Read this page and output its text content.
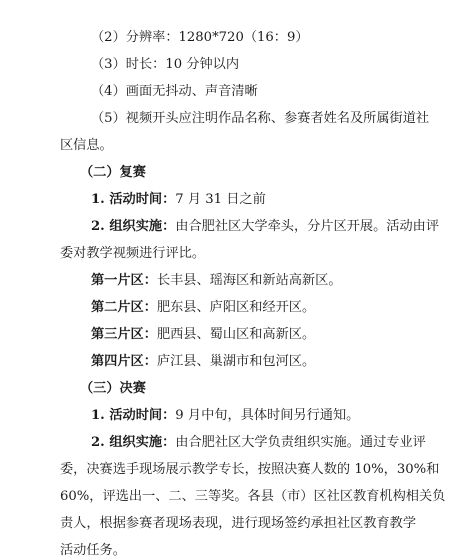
（2）分辨率：1280*720（16：9）
（3）时长：10 分钟以内
（4）画面无抖动、声音清晰
（5）视频开头应注明作品名称、参赛者姓名及所属街道社
区信息。
（二）复赛
1. 活动时间：7 月 31 日之前
2. 组织实施：由合肥社区大学牵头，分片区开展。活动由评
委对教学视频进行评比。
第一片区：长丰县、瑶海区和新站高新区。
第二片区：肥东县、庐阳区和经开区。
第三片区：肥西县、蜀山区和高新区。
第四片区：庐江县、巢湖市和包河区。
（三）决赛
1. 活动时间：9 月中旬，具体时间另行通知。
2. 组织实施：由合肥社区大学负责组织实施。通过专业评
委，决赛选手现场展示教学专长，按照决赛人数的 10%，30%和
60%，评选出一、二、三等奖。各县（市）区社区教育机构相关负
责人，根据参赛者现场表现，进行现场签约承担社区教育教学
活动任务。
